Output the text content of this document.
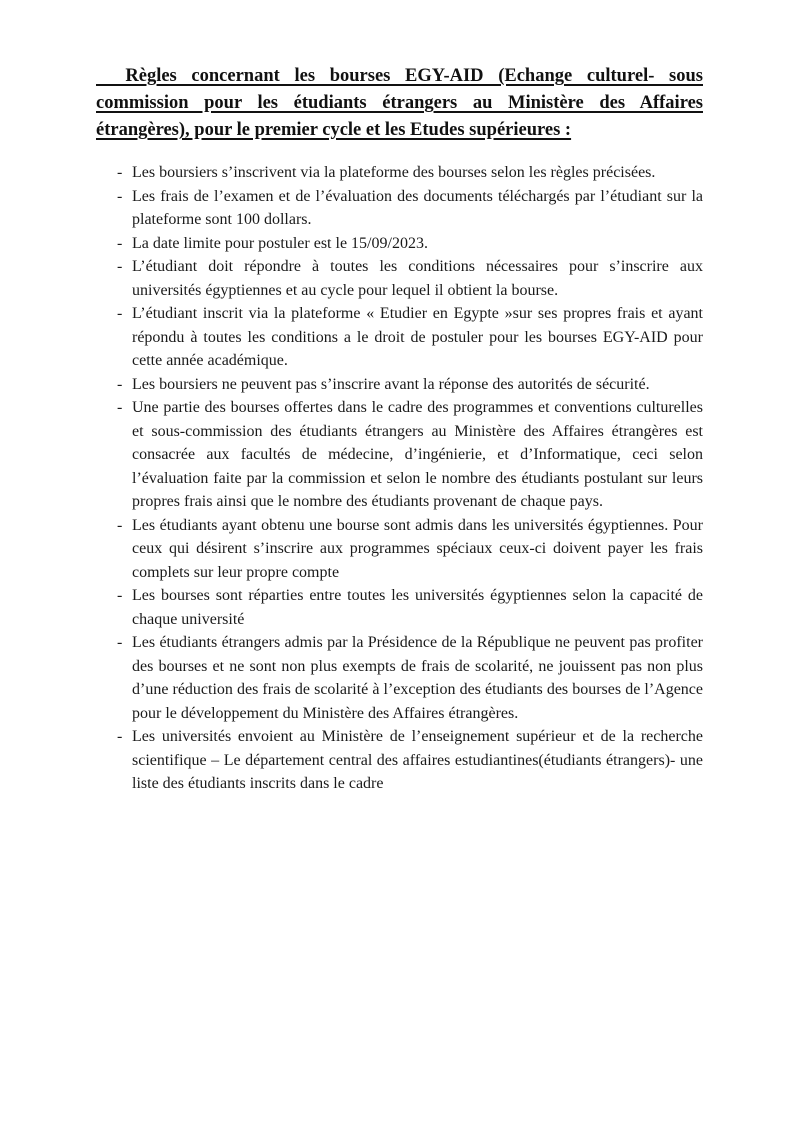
Règles concernant les bourses EGY-AID (Echange culturel- sous commission pour les étudiants étrangers au Ministère des Affaires étrangères), pour le premier cycle et les Etudes supérieures :
- Les boursiers s’inscrivent via la plateforme des bourses selon les règles précisées.
- Les frais de l’examen et de l’évaluation des documents téléchargés par l’étudiant sur la plateforme sont 100 dollars.
- La date limite pour postuler est le 15/09/2023.
- L’étudiant doit répondre à toutes les conditions nécessaires pour s’inscrire aux universités égyptiennes et au cycle pour lequel il obtient la bourse.
- L’étudiant inscrit via la plateforme « Etudier en Egypte »sur ses propres frais et ayant répondu à toutes les conditions a le droit de postuler pour les bourses EGY-AID pour cette année académique.
- Les boursiers ne peuvent pas s’inscrire avant la réponse des autorités de sécurité.
- Une partie des bourses offertes dans le cadre des programmes et conventions culturelles et sous-commission des étudiants étrangers au Ministère des Affaires étrangères est consacrée aux facultés de médecine, d’ingénierie, et d’Informatique, ceci selon l’évaluation faite par la commission et selon le nombre des étudiants postulant sur leurs propres frais ainsi que le nombre des étudiants provenant de chaque pays.
- Les étudiants ayant obtenu une bourse sont admis dans les universités égyptiennes. Pour ceux qui désirent s’inscrire aux programmes spéciaux ceux-ci doivent payer les frais complets sur leur propre compte
- Les bourses sont réparties entre toutes les universités égyptiennes selon la capacité de chaque université
- Les étudiants étrangers admis par la Présidence de la République ne peuvent pas profiter des bourses et ne sont non plus exempts de frais de scolarité, ne jouissent pas non plus d’une réduction des frais de scolarité à l’exception des étudiants des bourses de l’Agence pour le développement du Ministère des Affaires étrangères.
- Les universités envoient au Ministère de l’enseignement supérieur et de la recherche scientifique – Le département central des affaires estudiantines(étudiants étrangers)- une liste des étudiants inscrits dans le cadre
